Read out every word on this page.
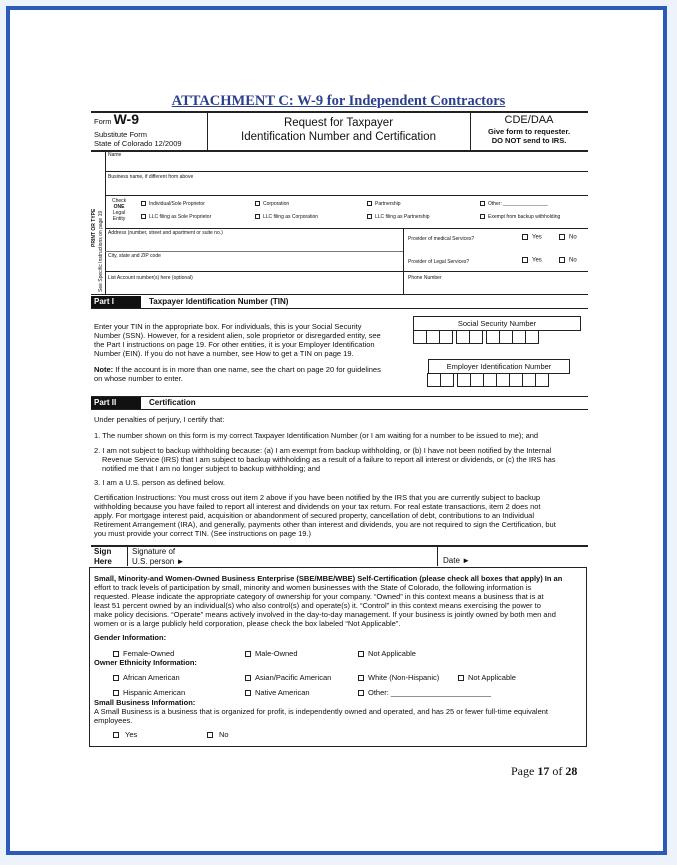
ATTACHMENT C: W-9 for Independent Contractors
Form W-9
Substitute Form
State of Colorado 12/2009
Request for Taxpayer
Identification Number and Certification
CDE/DAA
Give form to requester.
DO NOT send to IRS.
PRINT OR TYPE See Specific Instructions on page 19
Name
Business name, if different from above
Check
ONE
Legal
Entity
Individual/Sole Proprietor	Corporation	Partnership	Other: ________________
LLC filing as Sole Proprietor	LLC filing as Corporation	LLC filing as Partnership	Exempt from backup withholding
Address (number, street and apartment or suite no.)
City, state and ZIP code
List Account number(s) here (optional)
Provider of medical Services?	Yes	No
Provider of Legal Services?	Yes	No
Phone Number
Part I	Taxpayer Identification Number (TIN)
Enter your TIN in the appropriate box. For individuals, this is your Social Security
Number (SSN). However, for a resident alien, sole proprietor or disregarded entity, see
the Part I instructions on page 19. For other entities, it is your Employer Identification
Number (EIN). If you do not have a number, see How to get a TIN on page 19.
Note: If the account is in more than one name, see the chart on page 20 for guidelines
on whose number to enter.
Social Security Number
Employer Identification Number
Part II	Certification
Under penalties of perjury, I certify that:
1. The number shown on this form is my correct Taxpayer Identification Number (or I am waiting for a number to be issued to me); and
2. I am not subject to backup withholding because: (a) I am exempt from backup withholding, or (b) I have not been notified by the Internal
Revenue Service (IRS) that I am subject to backup withholding as a result of a failure to report all interest or dividends, or (c) the IRS has
notified me that I am no longer subject to backup withholding; and
3. I am a U.S. person as defined below.
Certification Instructions: You must cross out item 2 above if you have been notified by the IRS that you are currently subject to backup
withholding because you have failed to report all interest and dividends on your tax return. For real estate transactions, item 2 does not
apply. For mortgage interest paid, acquisition or abandonment of secured property, cancellation of debt, contributions to an Individual
Retirement Arrangement (IRA), and generally, payments other than interest and dividends, you are not required to sign the Certification, but
you must provide your correct TIN. (See instructions on page 19.)
Sign
Here
Signature of
U.S. person ►	Date ►
Small, Minority-and Women-Owned Business Enterprise (SBE/MBE/WBE) Self-Certification (please check all boxes that apply) In an
effort to track levels of participation by small, minority and women businesses with the State of Colorado, the following information is
requested. Please indicate the appropriate category of ownership for your company. “Owned” in this context means a business that is at
least 51 percent owned by an individual(s) who also control(s) and operate(s) it. “Control” in this context means exercising the power to
make policy decisions. “Operate” means actively involved in the day-to-day management. If your business is jointly owned by both men and
women or is a large publicly held corporation, please check the box labeled “Not Applicable”.
Gender Information:
Female-Owned	Male-Owned	Not Applicable
Owner Ethnicity Information:
African American	Asian/Pacific American	White (Non-Hispanic)	Not Applicable
Hispanic American	Native American	Other: ________________________
Small Business Information:
A Small Business is a business that is organized for profit, is independently owned and operated, and has 25 or fewer full-time equivalent
employees.
Yes	No
Page 17 of 28
